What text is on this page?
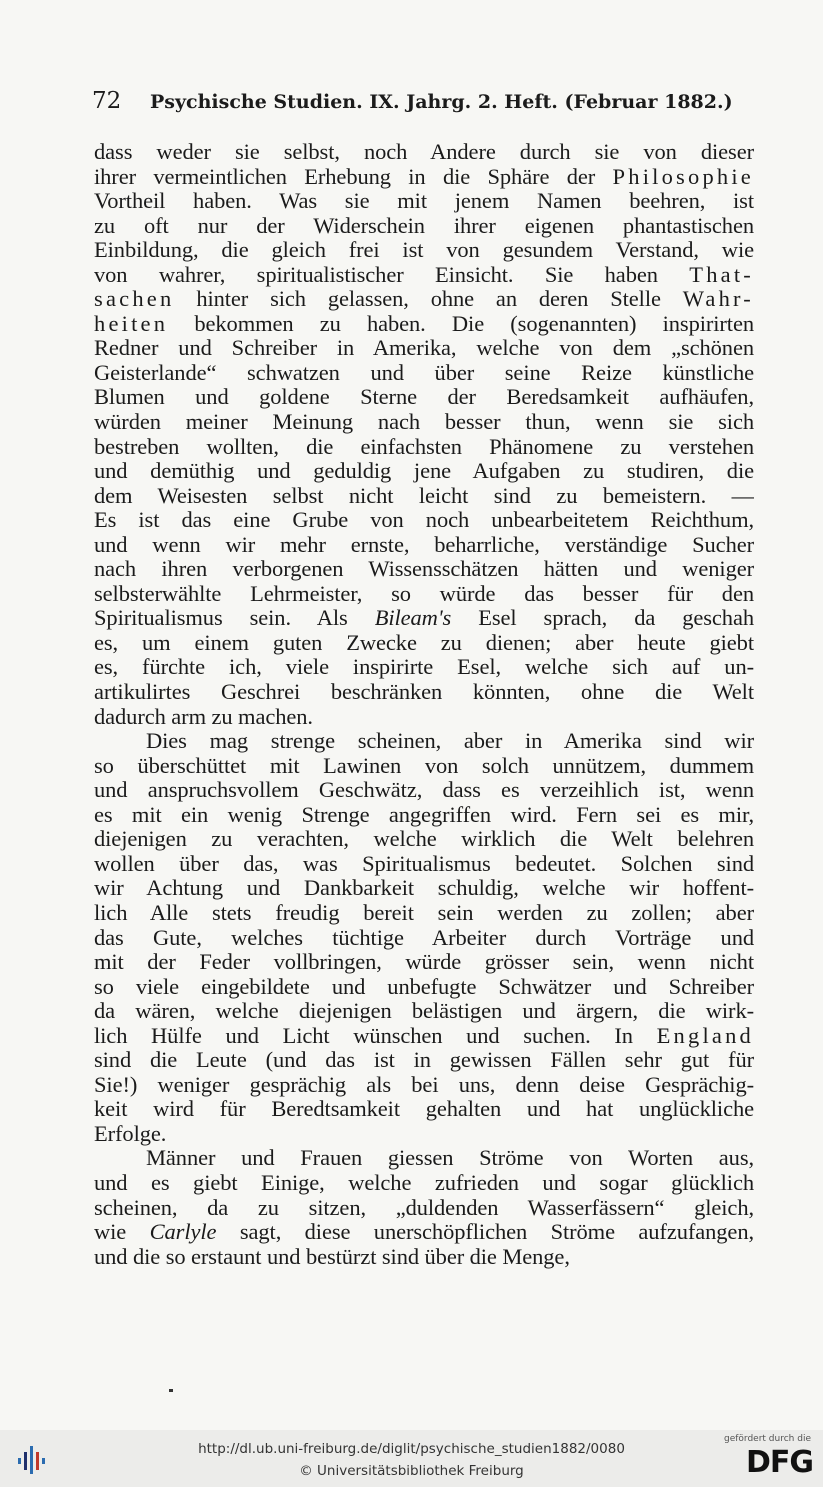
72 Psychische Studien. IX. Jahrg. 2. Heft. (Februar 1882.)
dass weder sie selbst, noch Andere durch sie von dieser
ihrer vermeintlichen Erhebung in die Sphäre der Philosophie
Vortheil haben. Was sie mit jenem Namen beehren, ist
zu oft nur der Widerschein ihrer eigenen phantastischen
Einbildung, die gleich frei ist von gesundem Verstand, wie
von wahrer, spiritualistischer Einsicht. Sie haben That-
sachen hinter sich gelassen, ohne an deren Stelle Wahr-
heiten bekommen zu haben. Die (sogenannten) inspirirten
Redner und Schreiber in Amerika, welche von dem „schönen
Geisterlande“ schwatzen und über seine Reize künstliche
Blumen und goldene Sterne der Beredsamkeit aufhäufen,
würden meiner Meinung nach besser thun, wenn sie sich
bestreben wollten, die einfachsten Phänomene zu verstehen
und demüthig und geduldig jene Aufgaben zu studiren, die
dem Weisesten selbst nicht leicht sind zu bemeistern. —
Es ist das eine Grube von noch unbearbeitetem Reichthum,
und wenn wir mehr ernste, beharrliche, verständige Sucher
nach ihren verborgenen Wissensschätzen hätten und weniger
selbsterwählte Lehrmeister, so würde das besser für den
Spiritualismus sein. Als Bileam's Esel sprach, da geschah
es, um einem guten Zwecke zu dienen; aber heute giebt
es, fürchte ich, viele inspirirte Esel, welche sich auf un-
artikulirtes Geschrei beschränken könnten, ohne die Welt
dadurch arm zu machen.
Dies mag strenge scheinen, aber in Amerika sind wir
so überschüttet mit Lawinen von solch unnützem, dummem
und anspruchsvollem Geschwätz, dass es verzeihlich ist, wenn
es mit ein wenig Strenge angegriffen wird. Fern sei es mir,
diejenigen zu verachten, welche wirklich die Welt belehren
wollen über das, was Spiritualismus bedeutet. Solchen sind
wir Achtung und Dankbarkeit schuldig, welche wir hoffent-
lich Alle stets freudig bereit sein werden zu zollen; aber
das Gute, welches tüchtige Arbeiter durch Vorträge und
mit der Feder vollbringen, würde grösser sein, wenn nicht
so viele eingebildete und unbefugte Schwätzer und Schreiber
da wären, welche diejenigen belästigen und ärgern, die wirk-
lich Hülfe und Licht wünschen und suchen. In England
sind die Leute (und das ist in gewissen Fällen sehr gut für
Sie!) weniger gesprächig als bei uns, denn deise Gesprächig-
keit wird für Beredtsamkeit gehalten und hat unglückliche
Erfolge.
Männer und Frauen giessen Ströme von Worten aus,
und es giebt Einige, welche zufrieden und sogar glücklich
scheinen, da zu sitzen, „duldenden Wasserfässern“ gleich,
wie Carlyle sagt, diese unerschöpflichen Ströme aufzufangen,
und die so erstaunt und bestürzt sind über die Menge,
http://dl.ub.uni-freiburg.de/diglit/psychische_studien1882/0080
© Universitätsbibliothek Freiburg
gefördert durch die
DFG
